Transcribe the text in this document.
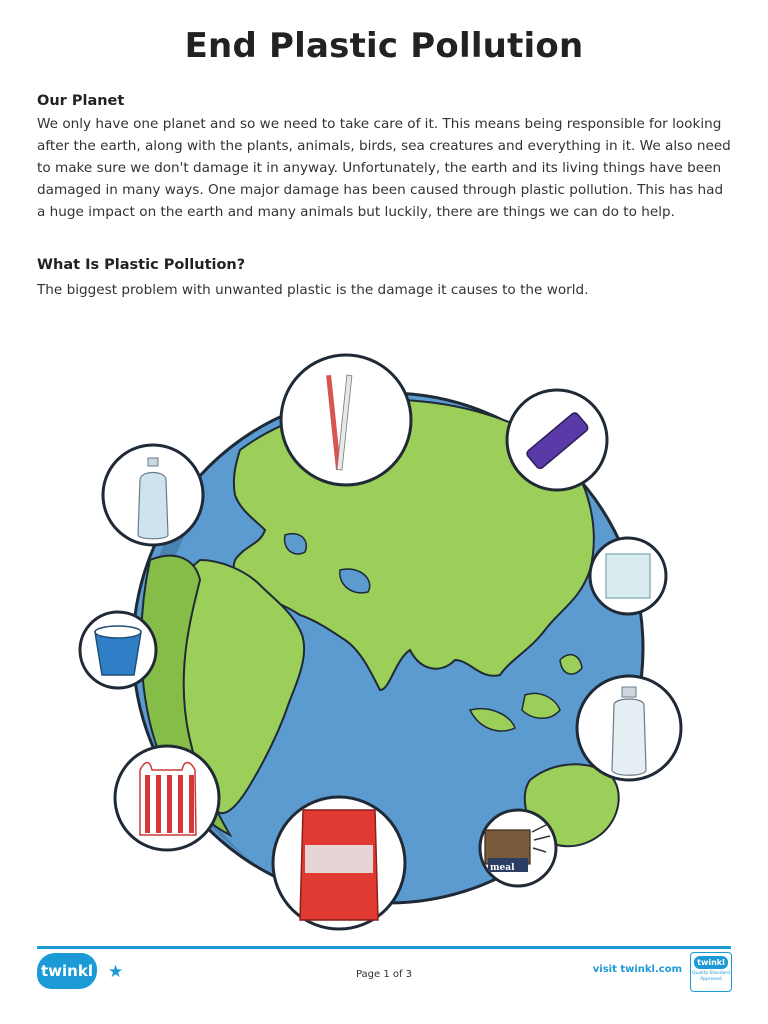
End Plastic Pollution
Our Planet

We only have one planet and so we need to take care of it. This means being responsible for looking after the earth, along with the plants, animals, birds, sea creatures and everything in it. We also need to make sure we don't damage it in anyway. Unfortunately, the earth and its living things have been damaged in many ways. One major damage has been caused through plastic pollution. This has had a huge impact on the earth and many animals but luckily, there are things we can do to help.

What Is Plastic Pollution?

The biggest problem with unwanted plastic is the damage it causes to the world.

meal
twinkl ★	Page 1 of 3	visit twinkl.com
twinkl
Quality Standard Approved
